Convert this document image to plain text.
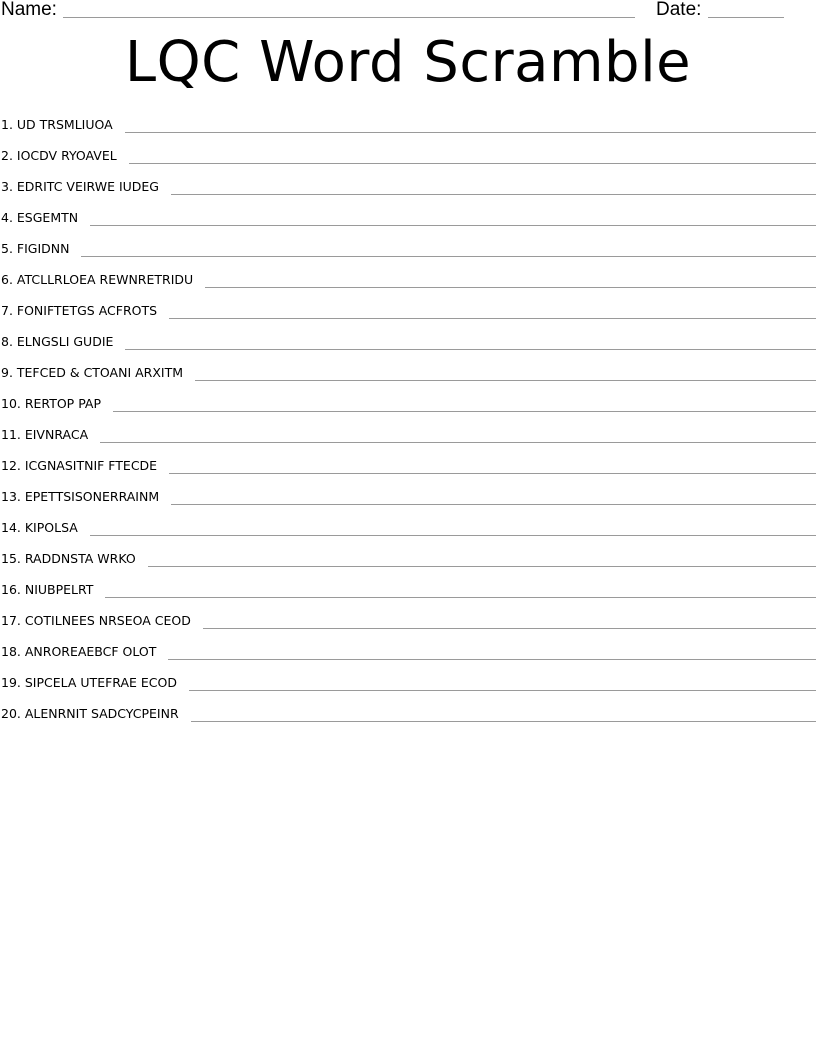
Name:	Date:
LQC Word Scramble
1. UD TRSMLIUOA
2. IOCDV RYOAVEL
3. EDRITC VEIRWE IUDEG
4. ESGEMTN
5. FIGIDNN
6. ATCLLRLOEA REWNRETRIDU
7. FONIFTETGS ACFROTS
8. ELNGSLI GUDIE
9. TEFCED & CTOANI ARXITM
10. RERTOP PAP
11. EIVNRACA
12. ICGNASITNIF FTECDE
13. EPETTSISONERRAINM
14. KIPOLSA
15. RADDNSTA WRKO
16. NIUBPELRT
17. COTILNEES NRSEOA CEOD
18. ANROREAEBCF OLOT
19. SIPCELA UTEFRAE ECOD
20. ALENRNIT SADCYCPEINR
